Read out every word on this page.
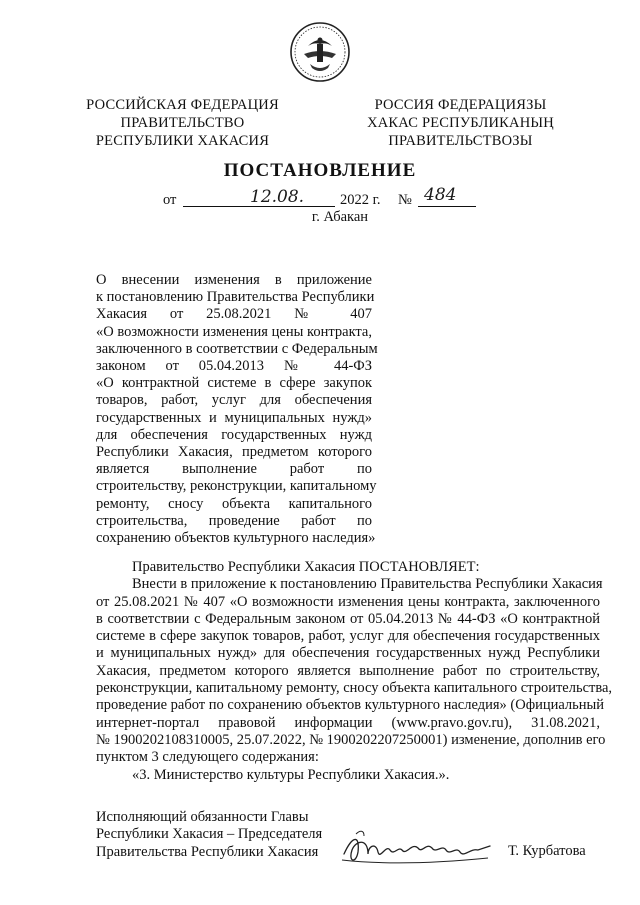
РОССИЙСКАЯ ФЕДЕРАЦИЯ
ПРАВИТЕЛЬСТВО
РЕСПУБЛИКИ ХАКАСИЯ
РОССИЯ ФЕДЕРАЦИЯЗЫ
ХАКАС РЕСПУБЛИКАНЫҢ
ПРАВИТЕЛЬСТВОЗЫ
ПОСТАНОВЛЕНИЕ
от	12.08. 2022 г. № 484
г. Абакан
О внесении изменения в приложение
к постановлению Правительства Республики
Хакасия от 25.08.2021 № 407
«О возможности изменения цены контракта,
заключенного в соответствии с Федеральным
законом от 05.04.2013 № 44-ФЗ
«О контрактной системе в сфере закупок
товаров, работ, услуг для обеспечения
государственных и муниципальных нужд»
для обеспечения государственных нужд
Республики Хакасия, предметом которого
является выполнение работ по
строительству, реконструкции, капитальному
ремонту, сносу объекта капитального
строительства, проведение работ по
сохранению объектов культурного наследия»
Правительство Республики Хакасия ПОСТАНОВЛЯЕТ:
Внести в приложение к постановлению Правительства Республики Хакасия
от 25.08.2021 № 407 «О возможности изменения цены контракта, заключенного
в соответствии с Федеральным законом от 05.04.2013 № 44-ФЗ «О контрактной
системе в сфере закупок товаров, работ, услуг для обеспечения государственных
и муниципальных нужд» для обеспечения государственных нужд Республики
Хакасия, предметом которого является выполнение работ по строительству,
реконструкции, капитальному ремонту, сносу объекта капитального строительства,
проведение работ по сохранению объектов культурного наследия» (Официальный
интернет-портал правовой информации (www.pravo.gov.ru), 31.08.2021,
№ 1900202108310005, 25.07.2022, № 1900202207250001) изменение, дополнив его
пунктом 3 следующего содержания:
«3. Министерство культуры Республики Хакасия.».
Исполняющий обязанности Главы
Республики Хакасия – Председателя
Правительства Республики Хакасия	Т. Курбатова
